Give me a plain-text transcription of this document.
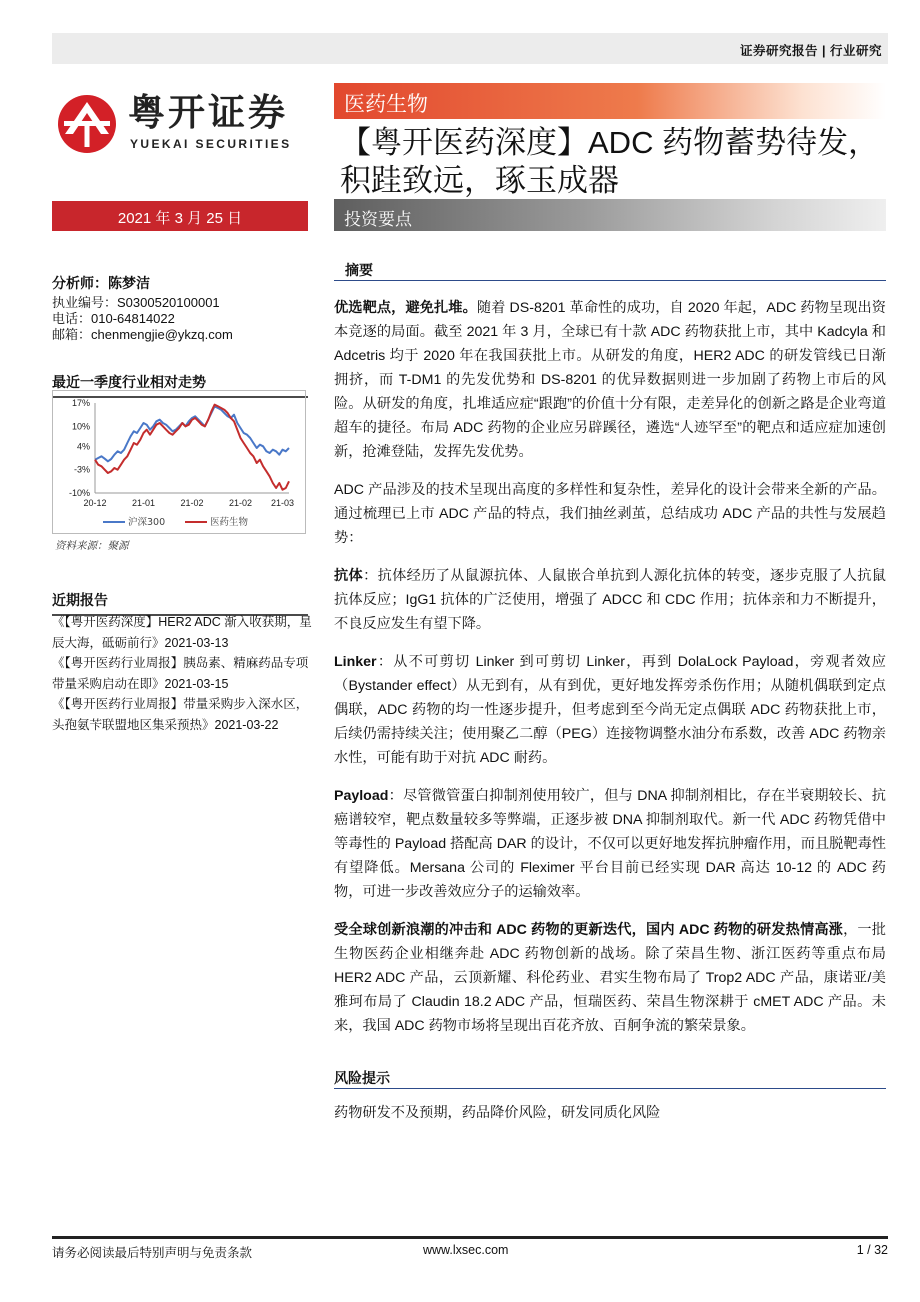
证券研究报告 | 行业研究
粤开证券
YUEKAI SECURITIES
医药生物
【粤开医药深度】ADC 药物蓄势待发，积跬致远，琢玉成器
2021 年 3 月 25 日	投资要点
分析师：陈梦洁
执业编号：S0300520100001
电话：010-64814022
邮箱：chenmengjie@ykzq.com
最近一季度行业相对走势
17%
10%
4%
-3%
-10%
20-12	21-01	21-02	21-02 21-03
沪深300	医药生物
资料来源：聚源
近期报告

《【粤开医药深度】HER2 ADC 渐入收获期，星辰大海，砥砺前行》2021-03-13

《【粤开医药行业周报】胰岛素、精麻药品专项带量采购启动在即》2021-03-15

《【粤开医药行业周报】带量采购步入深水区，头孢氨苄联盟地区集采预热》2021-03-22

摘要

优选靶点，避免扎堆。随着 DS-8201 革命性的成功，自 2020 年起，ADC 药物呈现出资本竞逐的局面。截至 2021 年 3 月，全球已有十款 ADC 药物获批上市，其中 Kadcyla 和 Adcetris 均于 2020 年在我国获批上市。从研发的角度，HER2 ADC 的研发管线已日渐拥挤，而 T-DM1 的先发优势和 DS-8201 的优异数据则进一步加剧了药物上市后的风险。从研发的角度，扎堆适应症“跟跑”的价值十分有限，走差异化的创新之路是企业弯道超车的捷径。布局 ADC 药物的企业应另辟蹊径，遴选“人迹罕至”的靶点和适应症加速创新，抢滩登陆，发挥先发优势。

ADC 产品涉及的技术呈现出高度的多样性和复杂性，差异化的设计会带来全新的产品。通过梳理已上市 ADC 产品的特点，我们抽丝剥茧，总结成功 ADC 产品的共性与发展趋势：

抗体：抗体经历了从鼠源抗体、人鼠嵌合单抗到人源化抗体的转变，逐步克服了人抗鼠抗体反应；IgG1 抗体的广泛使用，增强了 ADCC 和 CDC 作用；抗体亲和力不断提升，不良反应发生有望下降。

Linker：从不可剪切 Linker 到可剪切 Linker，再到 DolaLock Payload，旁观者效应（Bystander effect）从无到有，从有到优，更好地发挥旁杀伤作用；从随机偶联到定点偶联，ADC 药物的均一性逐步提升，但考虑到至今尚无定点偶联 ADC 药物获批上市，后续仍需持续关注；使用聚乙二醇（PEG）连接物调整水油分布系数，改善 ADC 药物亲水性，可能有助于对抗 ADC 耐药。

Payload：尽管微管蛋白抑制剂使用较广，但与 DNA 抑制剂相比，存在半衰期较长、抗癌谱较窄，靶点数量较多等弊端，正逐步被 DNA 抑制剂取代。新一代 ADC 药物凭借中等毒性的 Payload 搭配高 DAR 的设计，不仅可以更好地发挥抗肿瘤作用，而且脱靶毒性有望降低。Mersana 公司的 Fleximer 平台目前已经实现 DAR 高达 10-12 的 ADC 药物，可进一步改善效应分子的运输效率。

受全球创新浪潮的冲击和 ADC 药物的更新迭代，国内 ADC 药物的研发热情高涨，一批生物医药企业相继奔赴 ADC 药物创新的战场。除了荣昌生物、浙江医药等重点布局 HER2 ADC 产品，云顶新耀、科伦药业、君实生物布局了 Trop2 ADC 产品，康诺亚/美雅珂布局了 Claudin 18.2 ADC 产品，恒瑞医药、荣昌生物深耕于 cMET ADC 产品。未来，我国 ADC 药物市场将呈现出百花齐放、百舸争流的繁荣景象。

风险提示
药物研发不及预期，药品降价风险，研发同质化风险
请务必阅读最后特别声明与免责条款	www.lxsec.com	1 / 32
